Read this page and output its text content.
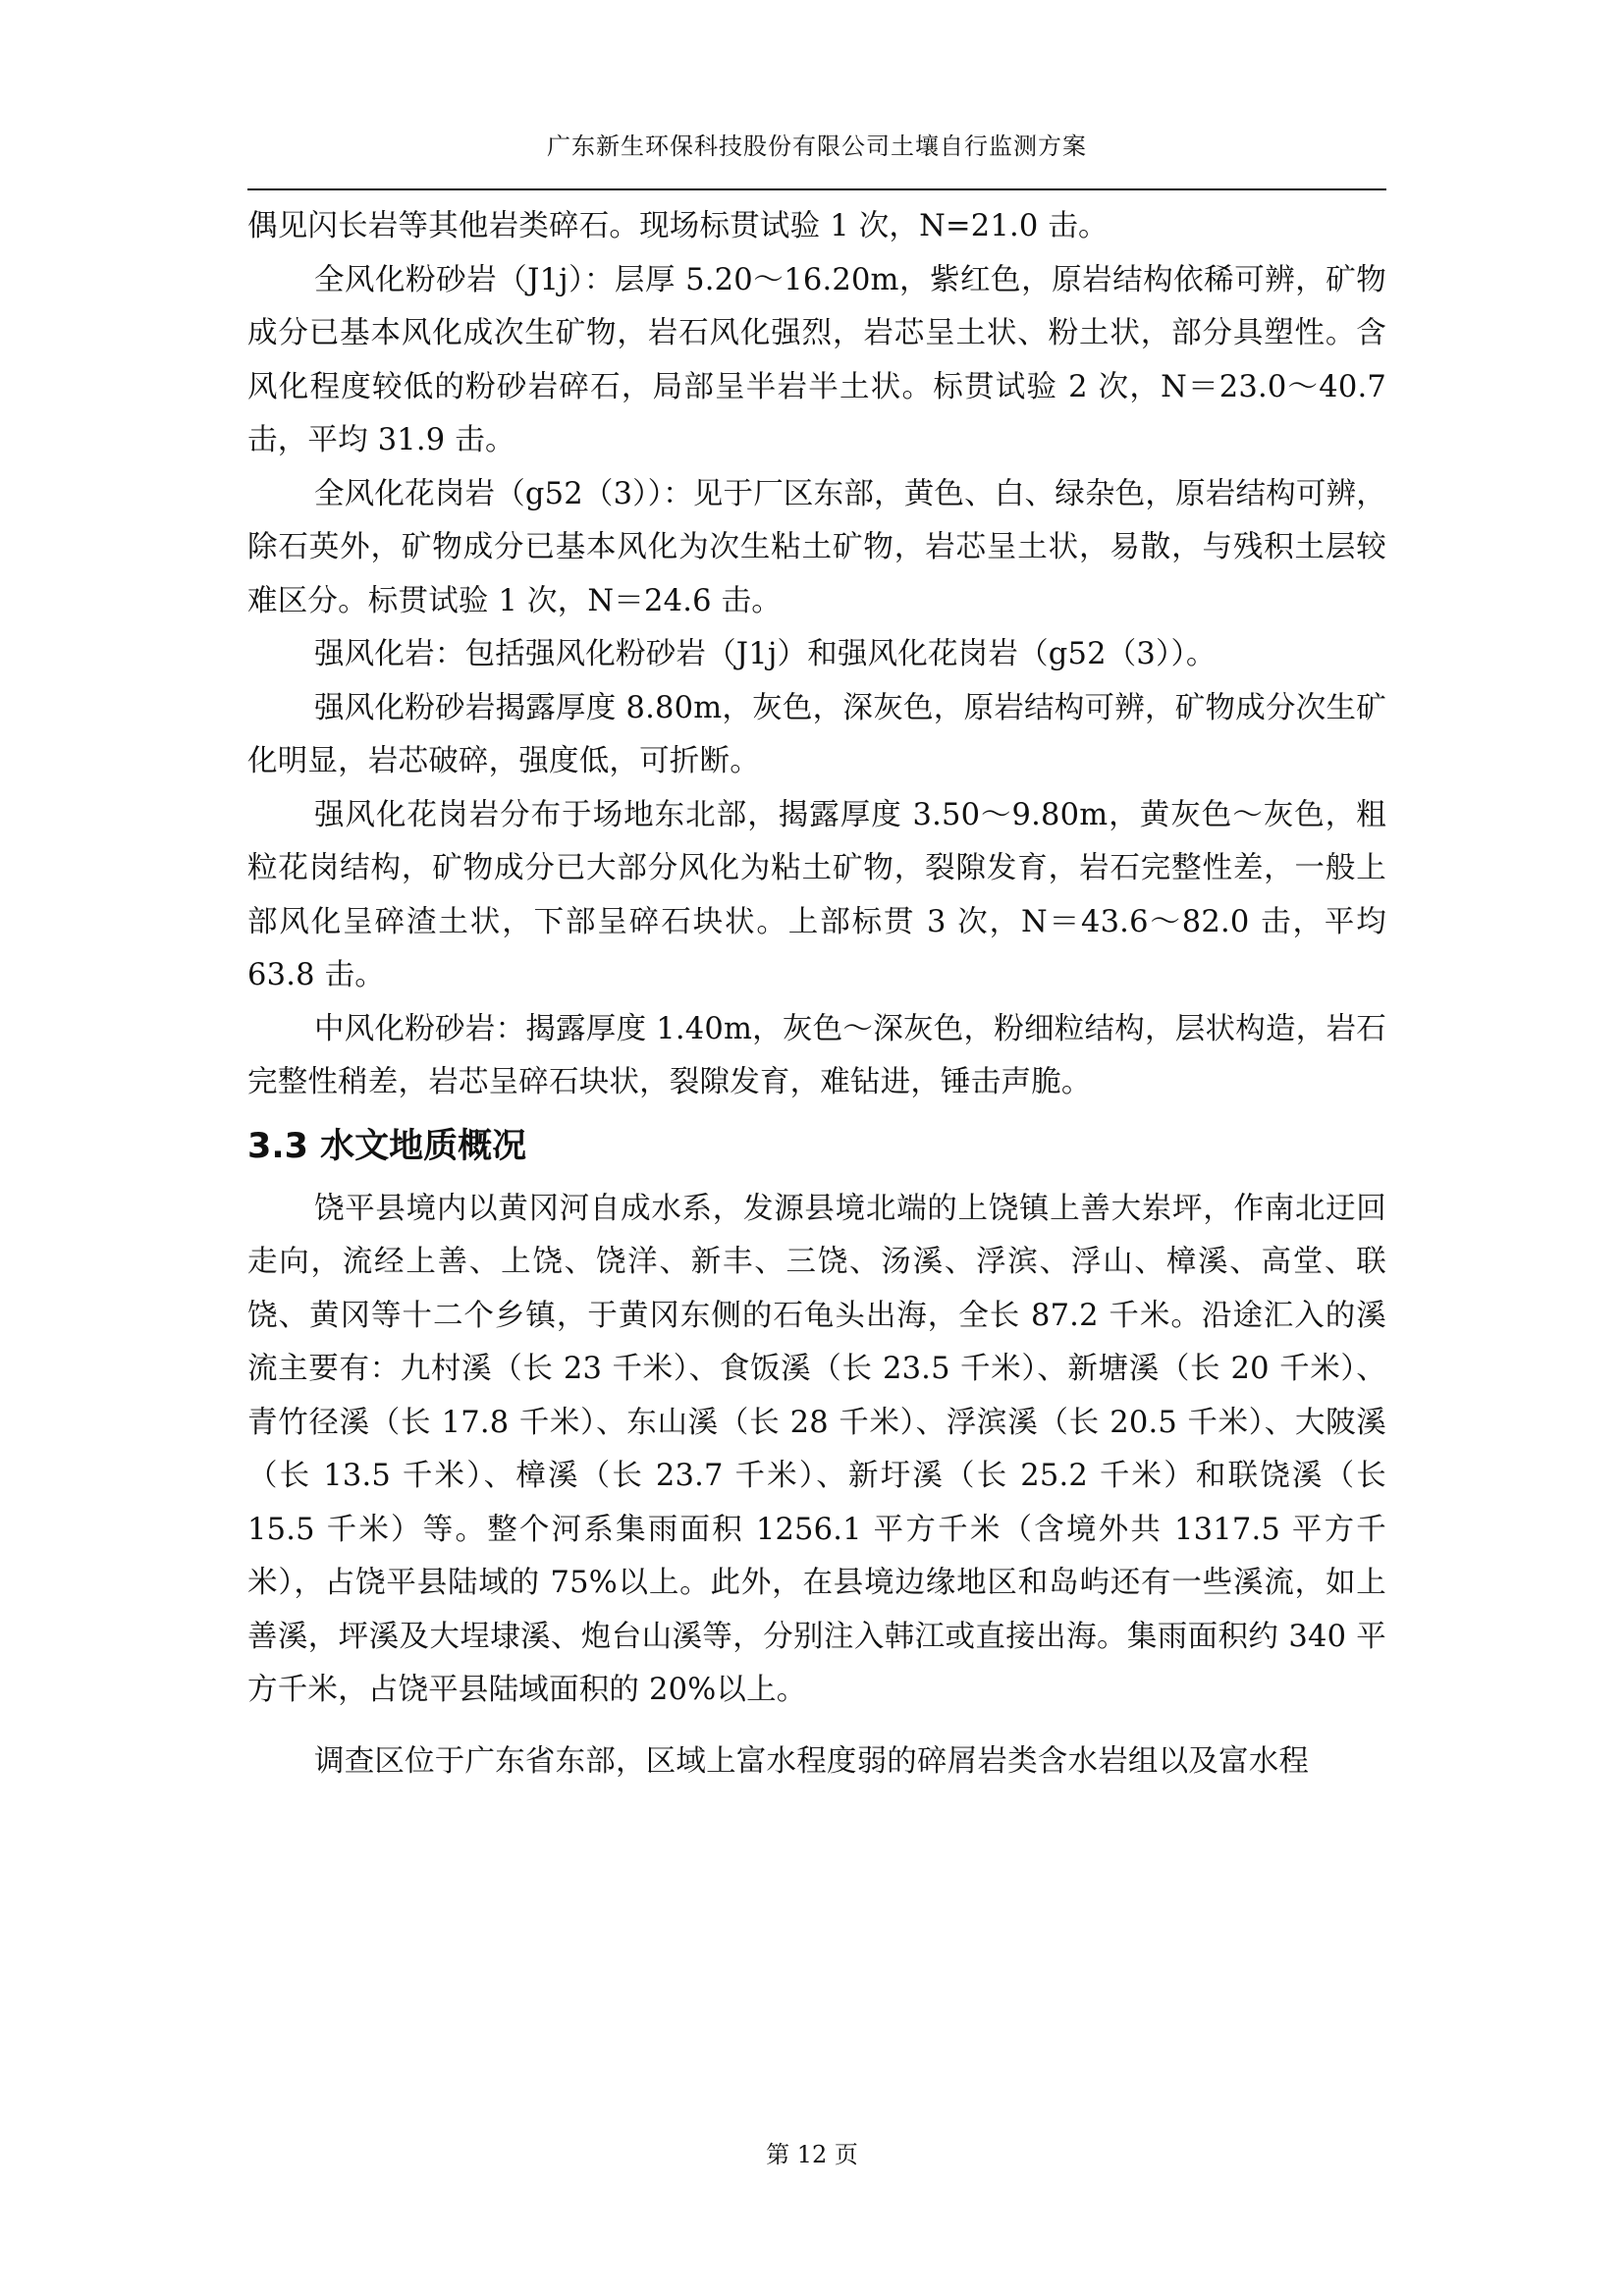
广东新生环保科技股份有限公司土壤自行监测方案

偶见闪长岩等其他岩类碎石。现场标贯试验 1 次，N=21.0 击。

全风化粉砂岩（J1j）：层厚 5.20～16.20m，紫红色，原岩结构依稀可辨，矿物成分已基本风化成次生矿物，岩石风化强烈，岩芯呈土状、粉土状，部分具塑性。含风化程度较低的粉砂岩碎石，局部呈半岩半土状。标贯试验 2 次，N＝23.0～40.7 击，平均 31.9 击。

全风化花岗岩（g52（3））：见于厂区东部，黄色、白、绿杂色，原岩结构可辨，除石英外，矿物成分已基本风化为次生粘土矿物，岩芯呈土状，易散，与残积土层较难区分。标贯试验 1 次，N＝24.6 击。

强风化岩：包括强风化粉砂岩（J1j）和强风化花岗岩（g52（3））。

强风化粉砂岩揭露厚度 8.80m，灰色，深灰色，原岩结构可辨，矿物成分次生矿化明显，岩芯破碎，强度低，可折断。

强风化花岗岩分布于场地东北部，揭露厚度 3.50～9.80m，黄灰色～灰色，粗粒花岗结构，矿物成分已大部分风化为粘土矿物，裂隙发育，岩石完整性差，一般上部风化呈碎渣土状，下部呈碎石块状。上部标贯 3 次，N＝43.6～82.0 击，平均 63.8 击。

中风化粉砂岩：揭露厚度 1.40m，灰色～深灰色，粉细粒结构，层状构造，岩石完整性稍差，岩芯呈碎石块状，裂隙发育，难钻进，锤击声脆。

3.3 水文地质概况

饶平县境内以黄冈河自成水系，发源县境北端的上饶镇上善大岽坪，作南北迂回走向，流经上善、上饶、饶洋、新丰、三饶、汤溪、浮滨、浮山、樟溪、高堂、联饶、黄冈等十二个乡镇，于黄冈东侧的石龟头出海，全长 87.2 千米。沿途汇入的溪流主要有：九村溪（长 23 千米）、食饭溪（长 23.5 千米）、新塘溪（长 20 千米）、青竹径溪（长 17.8 千米）、东山溪（长 28 千米）、浮滨溪（长 20.5 千米）、大陂溪（长 13.5 千米）、樟溪（长 23.7 千米）、新圩溪（长 25.2 千米）和联饶溪（长 15.5 千米）等。整个河系集雨面积 1256.1 平方千米（含境外共 1317.5 平方千米），占饶平县陆域的 75%以上。此外，在县境边缘地区和岛屿还有一些溪流，如上善溪，坪溪及大埕埭溪、炮台山溪等，分别注入韩江或直接出海。集雨面积约 340 平方千米，占饶平县陆域面积的 20%以上。

调查区位于广东省东部，区域上富水程度弱的碎屑岩类含水岩组以及富水程

第 12 页
